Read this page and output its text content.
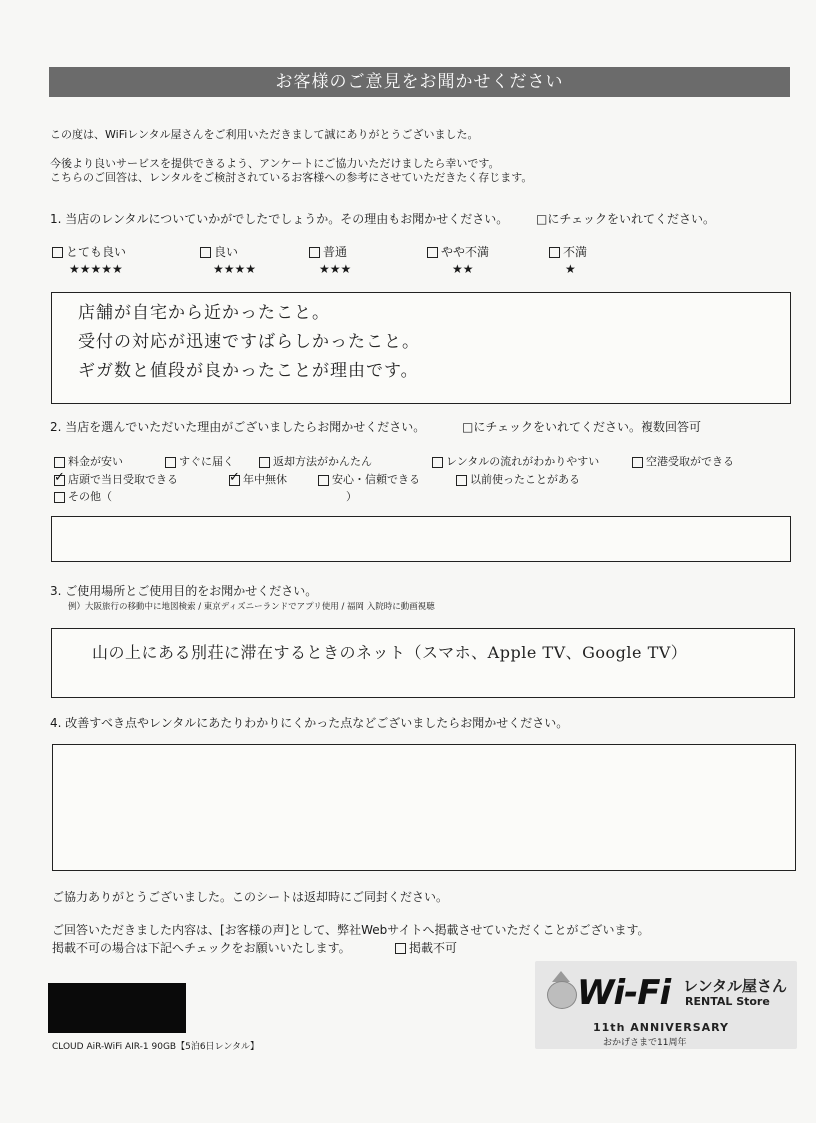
お客様のご意見をお聞かせください
この度は、WiFiレンタル屋さんをご利用いただきまして誠にありがとうございました。
今後より良いサービスを提供できるよう、アンケートにご協力いただけましたら幸いです。
こちらのご回答は、レンタルをご検討されているお客様への参考にさせていただきたく存じます。
1. 当店のレンタルについていかがでしたでしょうか。その理由もお聞かせください。 □にチェックをいれてください。
とても良い
★★★★★
良い
★★★★
普通
★★★
やや不満
★★
不満
★
店舗が自宅から近かったこと。
受付の対応が迅速ですばらしかったこと。
ギガ数と値段が良かったことが理由です。
2. 当店を選んでいただいた理由がございましたらお聞かせください。	□にチェックをいれてください。複数回答可
料金が安い	すぐに届く	返却方法がかんたん	レンタルの流れがわかりやすい	空港受取ができる
✓
店頭で当日受取できる
✓	年中無休	安心・信頼できる	以前使ったことがある
その他（	）
3. ご使用場所とご使用目的をお聞かせください。
例）大阪旅行の移動中に地図検索 / 東京ディズニーランドでアプリ使用 / 福岡 入院時に動画視聴
山の上にある別荘に滞在するときのネット（スマホ、Apple TV、Google TV）
4. 改善すべき点やレンタルにあたりわかりにくかった点などございましたらお聞かせください。
ご協力ありがとうございました。このシートは返却時にご同封ください。
ご回答いただきました内容は、[お客様の声]として、弊社Webサイトへ掲載させていただくことがございます。
掲載不可の場合は下記へチェックをお願いいたします。	掲載不可
Wi-Fi レンタル屋さん
RENTAL Store
11th ANNIVERSARY
おかげさまで11周年
CLOUD AiR-WiFi AIR-1 90GB【5泊6日レンタル】
